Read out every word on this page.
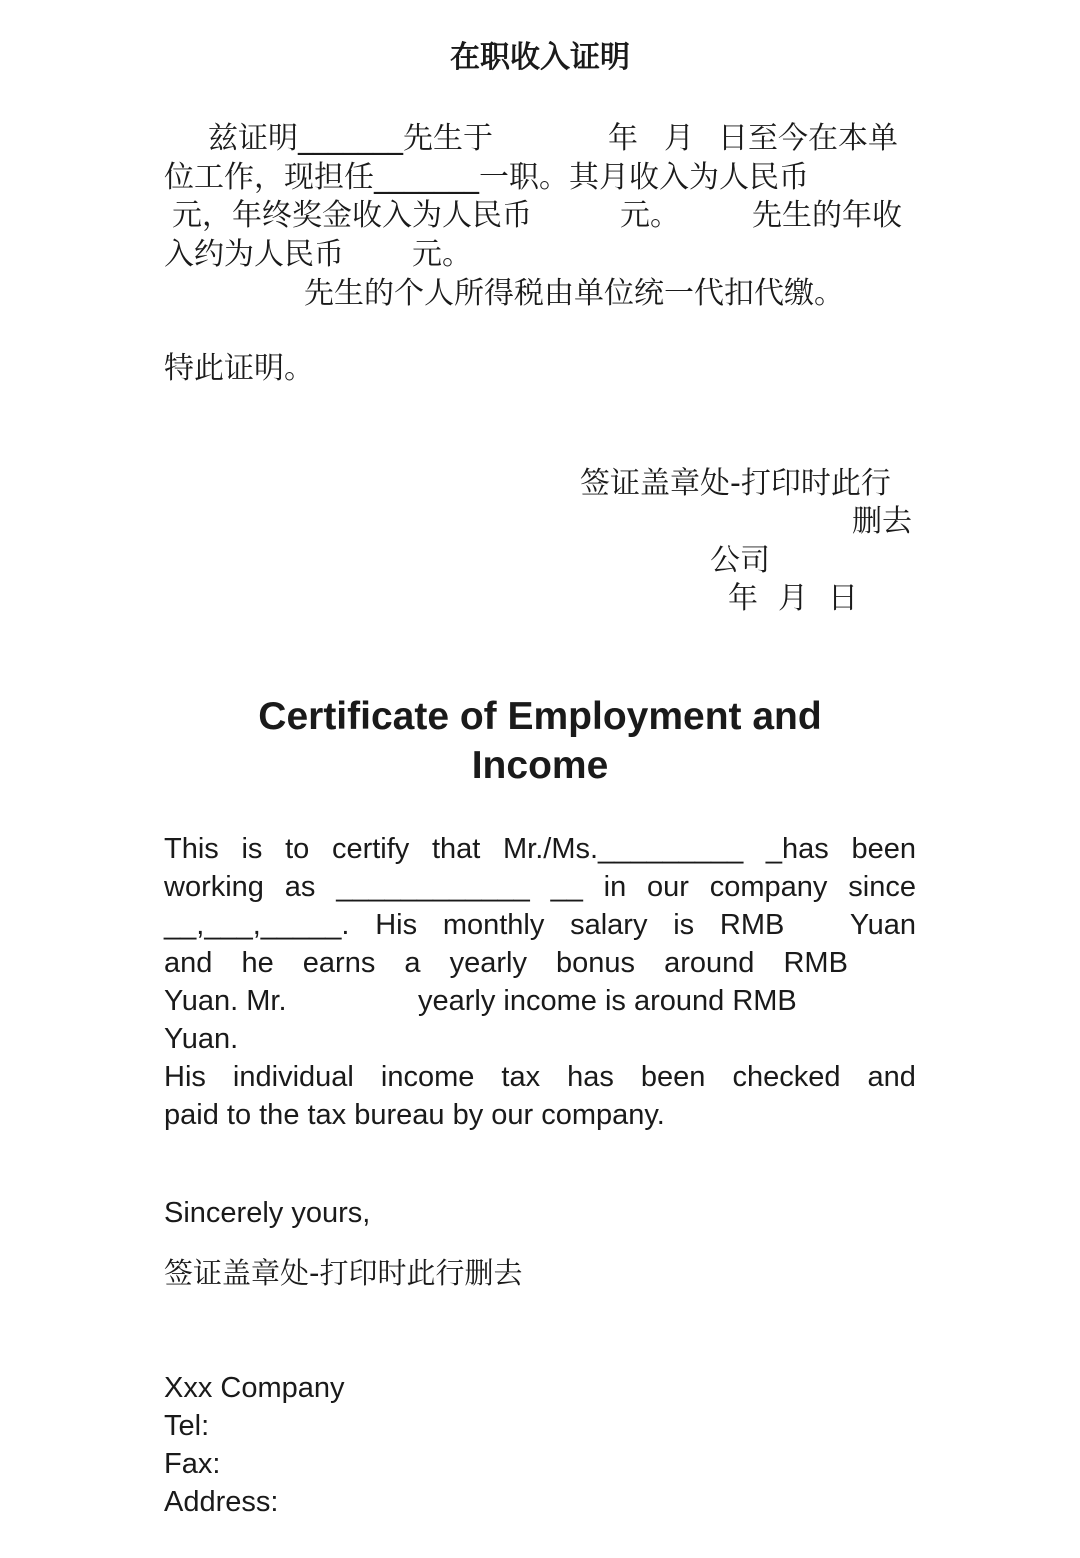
在职收入证明
兹证明_______先生于	年 月 日至今在本单
位工作，现担任_______一职。其月收入为人民币
元，年终奖金收入为人民币	元。 先生的年收
入约为人民币 元。
先生的个人所得税由单位统一代扣代缴。
特此证明。
签证盖章处-打印时此行
删去
公司
年 月 日
Certificate of Employment and
Income
This is to certify that Mr./Ms._________ _has been
working as ____________ __ in our company since
__,___,_____. His monthly salary is RMB Yuan
and he earns a yearly bonus around RMB
Yuan. Mr.	yearly income is around RMB
Yuan.
His individual income tax has been checked and
paid to the tax bureau by our company.
Sincerely yours,
签证盖章处-打印时此行删去
Xxx Company
Tel:
Fax:
Address:
